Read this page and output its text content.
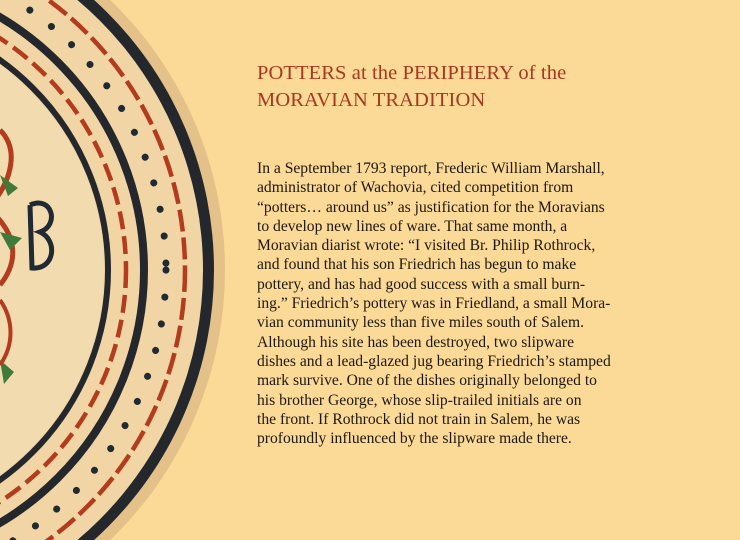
POTTERS at the PERIPHERY of the
MORAVIAN TRADITION
In a September 1793 report, Frederic William Marshall,
administrator of Wachovia, cited competition from
“potters… around us” as justification for the Moravians
to develop new lines of ware. That same month, a
Moravian diarist wrote: “I visited Br. Philip Rothrock,
and found that his son Friedrich has begun to make
pottery, and has had good success with a small burn-
ing.” Friedrich’s pottery was in Friedland, a small Mora-
vian community less than five miles south of Salem.
Although his site has been destroyed, two slipware
dishes and a lead-glazed jug bearing Friedrich’s stamped
mark survive. One of the dishes originally belonged to
his brother George, whose slip-trailed initials are on
the front. If Rothrock did not train in Salem, he was
profoundly influenced by the slipware made there.
